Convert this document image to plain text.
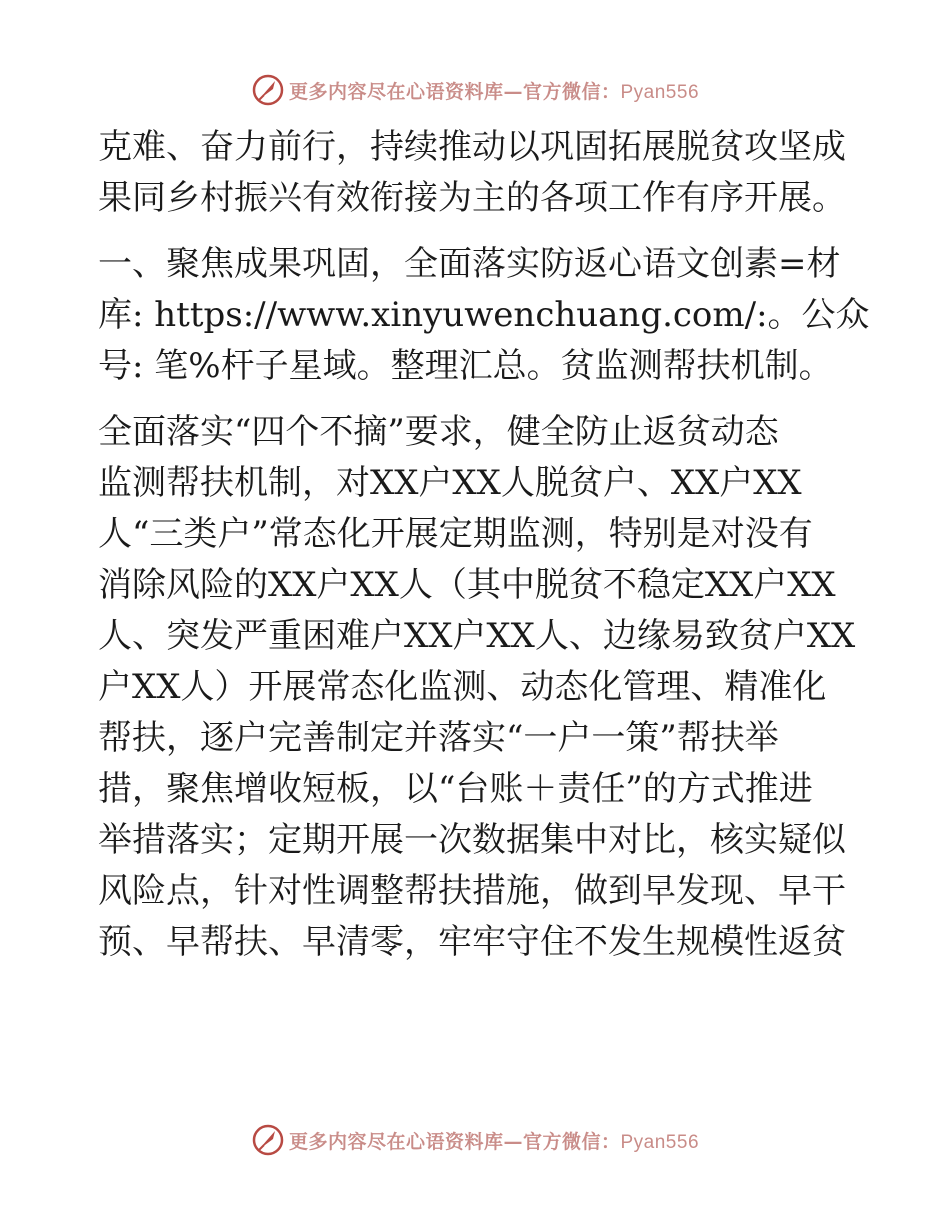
更多内容尽在心语资料库—官方微信：Pyan556
克难、奋力前行，持续推动以巩固拓展脱贫攻坚成
果同乡村振兴有效衔接为主的各项工作有序开展。
一、聚焦成果巩固，全面落实防返心语文创素=材
库: https://www.xinyuwenchuang.com/:。公众
号: 笔%杆子星域。整理汇总。贫监测帮扶机制。
全面落实“四个不摘”要求，健全防止返贫动态
监测帮扶机制，对XX户XX人脱贫户、XX户XX
人“三类户”常态化开展定期监测，特别是对没有
消除风险的XX户XX人（其中脱贫不稳定XX户XX
人、突发严重困难户XX户XX人、边缘易致贫户XX
户XX人）开展常态化监测、动态化管理、精准化
帮扶，逐户完善制定并落实“一户一策”帮扶举
措，聚焦增收短板，以“台账＋责任”的方式推进
举措落实；定期开展一次数据集中对比，核实疑似
风险点，针对性调整帮扶措施，做到早发现、早干
预、早帮扶、早清零，牢牢守住不发生规模性返贫
更多内容尽在心语资料库—官方微信：Pyan556
